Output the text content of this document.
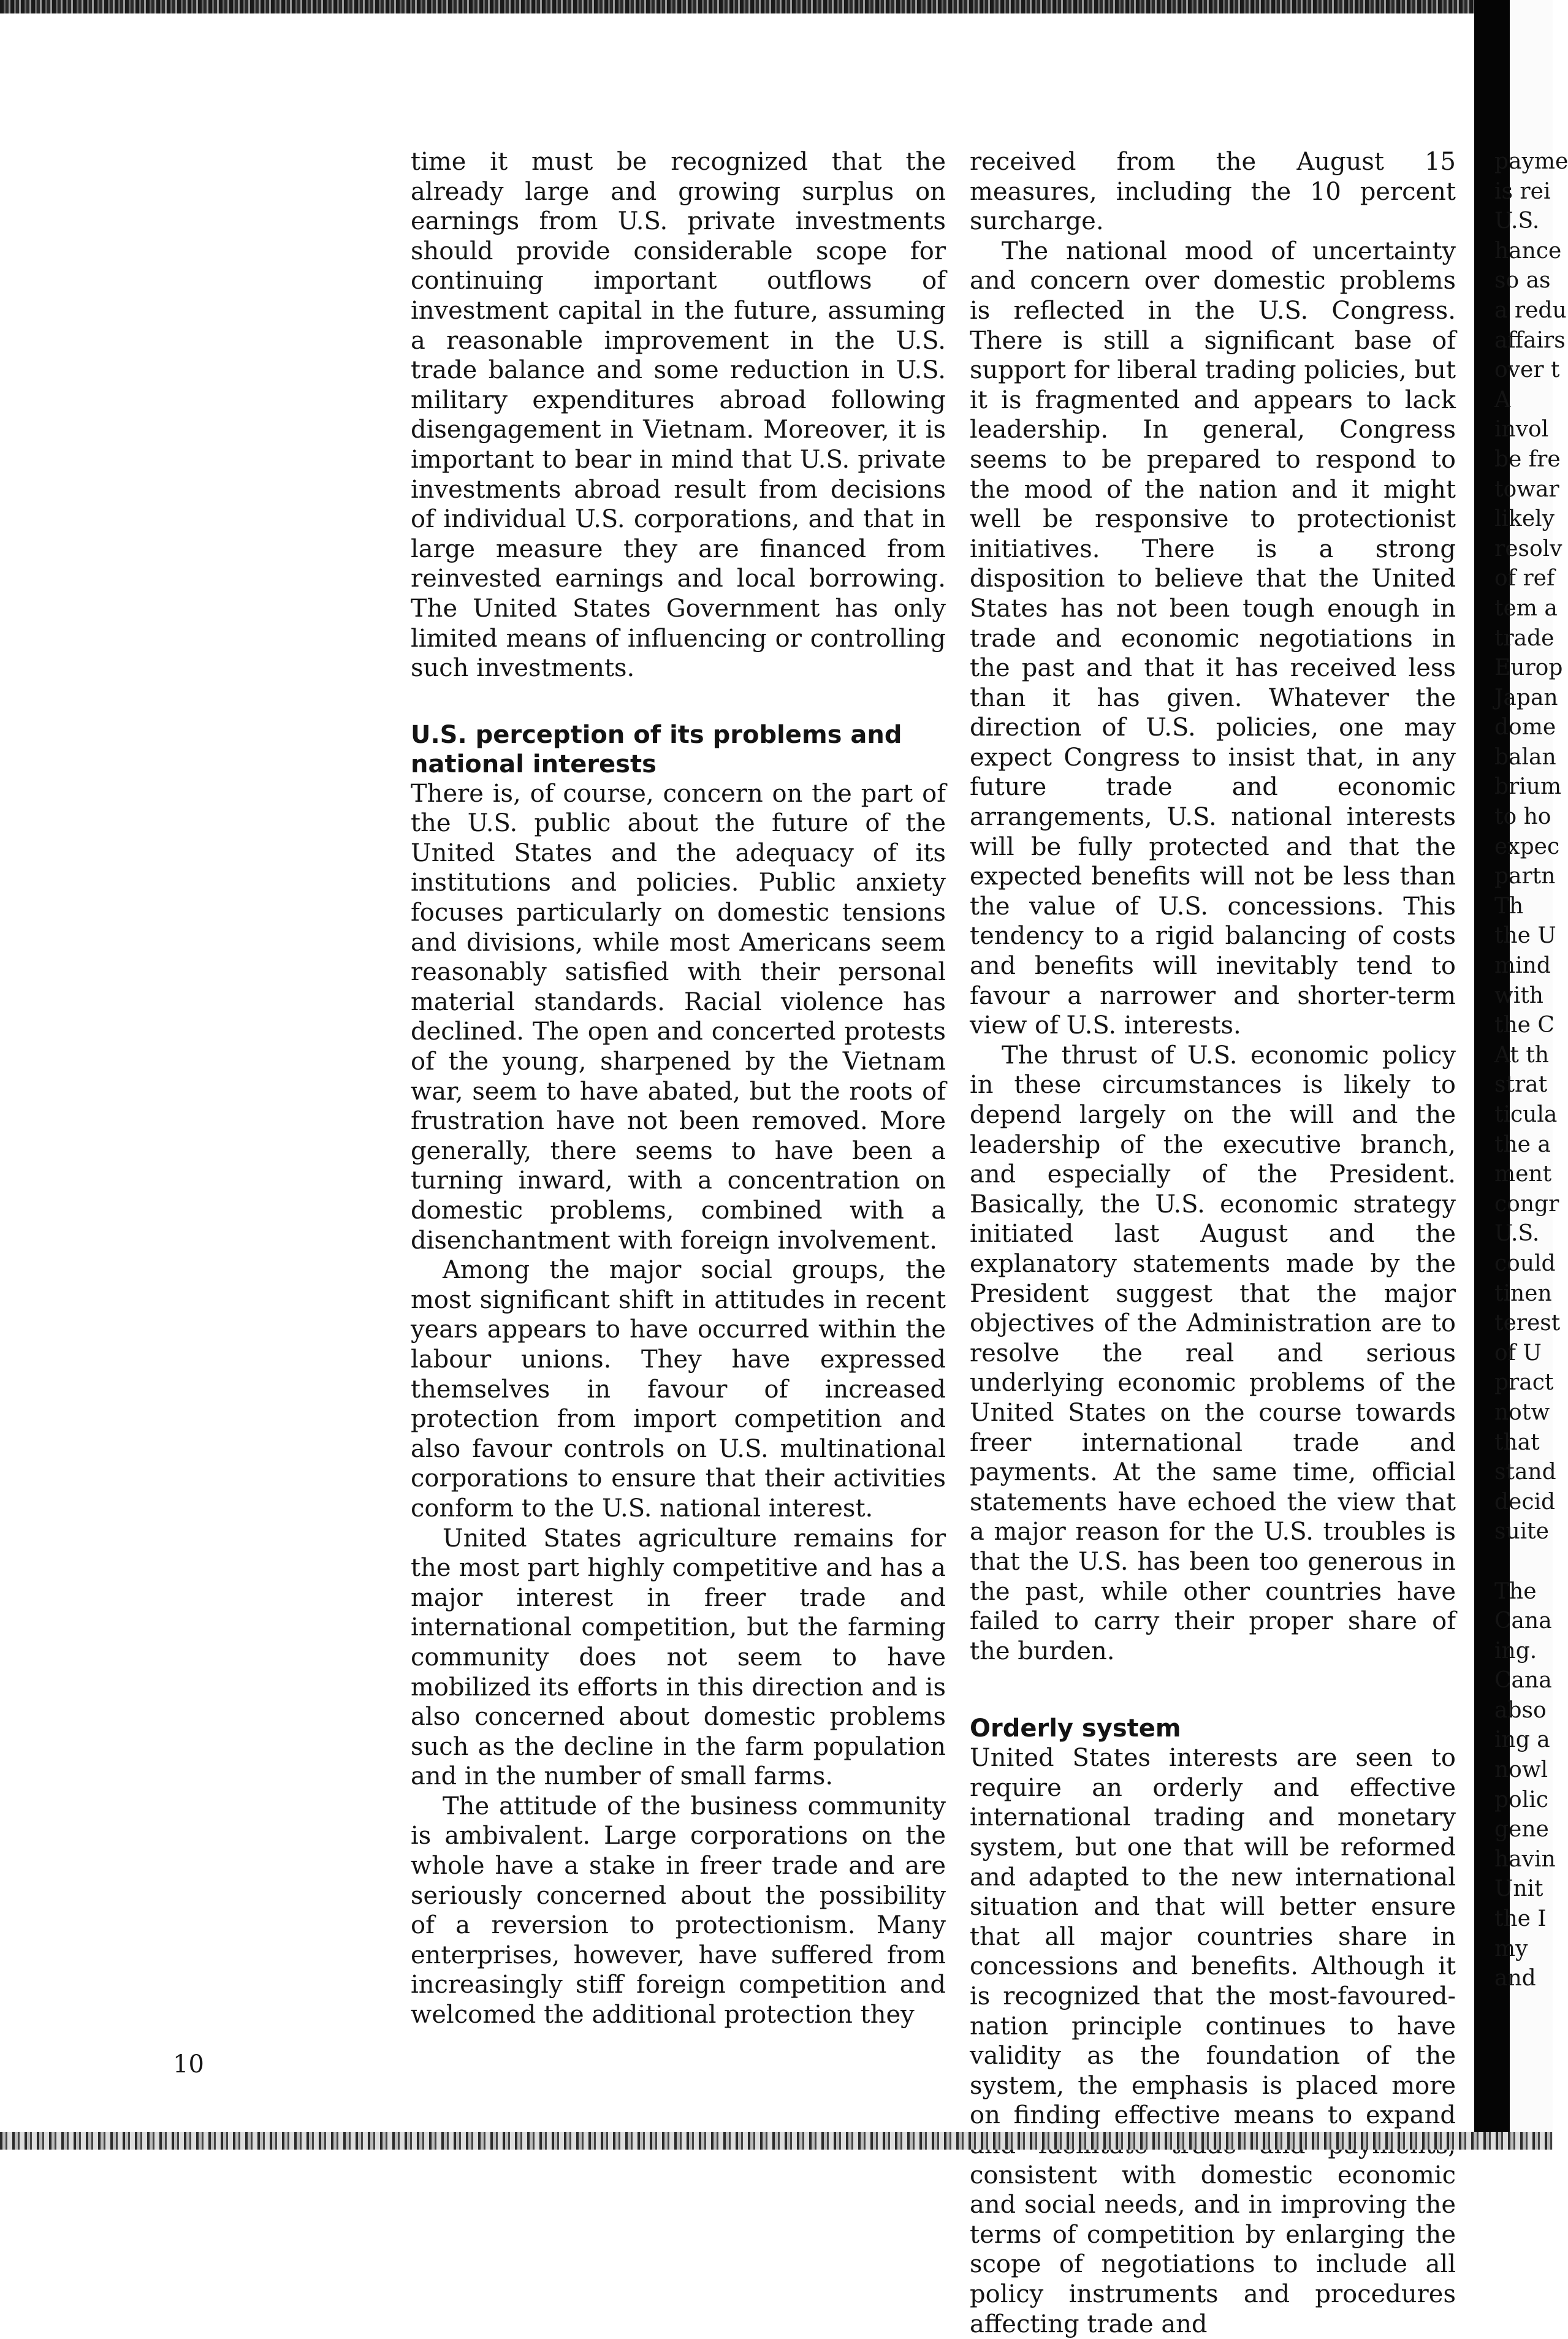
time it must be recognized that the already large and growing surplus on earnings from U.S. private investments should provide considerable scope for continuing important outflows of investment capital in the future, assuming a reasonable improvement in the U.S. trade balance and some reduction in U.S. military expenditures abroad following disengagement in Vietnam. Moreover, it is important to bear in mind that U.S. private investments abroad result from decisions of individual U.S. corporations, and that in large measure they are financed from reinvested earnings and local borrowing. The United States Government has only limited means of influencing or controlling such investments.

U.S. perception of its problems and national interests

There is, of course, concern on the part of the U.S. public about the future of the United States and the adequacy of its institutions and policies. Public anxiety focuses particularly on domestic tensions and divisions, while most Americans seem reasonably satisfied with their personal material standards. Racial violence has declined. The open and concerted protests of the young, sharpened by the Vietnam war, seem to have abated, but the roots of frustration have not been removed. More generally, there seems to have been a turning inward, with a concentration on domestic problems, combined with a disenchantment with foreign involvement.

Among the major social groups, the most significant shift in attitudes in recent years appears to have occurred within the labour unions. They have expressed themselves in favour of increased protection from import competition and also favour controls on U.S. multinational corporations to ensure that their activities conform to the U.S. national interest.

United States agriculture remains for the most part highly competitive and has a major interest in freer trade and international competition, but the farming community does not seem to have mobilized its efforts in this direction and is also concerned about domestic problems such as the decline in the farm population and in the number of small farms.

The attitude of the business community is ambivalent. Large corporations on the whole have a stake in freer trade and are seriously concerned about the possibility of a reversion to protectionism. Many enterprises, however, have suffered from increasingly stiff foreign competition and welcomed the additional protection they

received from the August 15 measures, including the 10 percent surcharge.

The national mood of uncertainty and concern over domestic problems is reflected in the U.S. Congress. There is still a significant base of support for liberal trading policies, but it is fragmented and appears to lack leadership. In general, Congress seems to be prepared to respond to the mood of the nation and it might well be responsive to protectionist initiatives. There is a strong disposition to believe that the United States has not been tough enough in trade and economic negotiations in the past and that it has received less than it has given. Whatever the direction of U.S. policies, one may expect Congress to insist that, in any future trade and economic arrangements, U.S. national interests will be fully protected and that the expected benefits will not be less than the value of U.S. concessions. This tendency to a rigid balancing of costs and benefits will inevitably tend to favour a narrower and shorter-term view of U.S. interests.

The thrust of U.S. economic policy in these circumstances is likely to depend largely on the will and the leadership of the executive branch, and especially of the President. Basically, the U.S. economic strategy initiated last August and the explanatory statements made by the President suggest that the major objectives of the Administration are to resolve the real and serious underlying economic problems of the United States on the course towards freer international trade and payments. At the same time, official statements have echoed the view that a major reason for the U.S. troubles is that the U.S. has been too generous in the past, while other countries have failed to carry their proper share of the burden.

Orderly system

United States interests are seen to require an orderly and effective international trading and monetary system, but one that will be reformed and adapted to the new international situation and that will better ensure that all major countries share in concessions and benefits. Although it is recognized that the most-favoured-nation principle continues to have validity as the foundation of the system, the emphasis is placed more on finding effective means to expand consistent with domestic economic and social needs, and in improving the terms of competition by enlarging the scope of negotiations to include all policy instruments and procedures affecting trade and

payme
is rei
U.S.
hance
so as
a redu
affairs
over t
A
invol
be fre
towar
likely
resolv
of ref
tem a
trade
Europ
Japan
dome
balan
brium
to ho
expec
partn
Th
the U
mind
with
the C
At th
strat
ticula
the a
ment
congr
U.S.
could
tinen
terest
of U
pract
notw
that
stand
decid
suite
The
Cana
ing.
Cana
abso
ing a
nowl
polic
gene
havin
Unit
the I
my
and
10
